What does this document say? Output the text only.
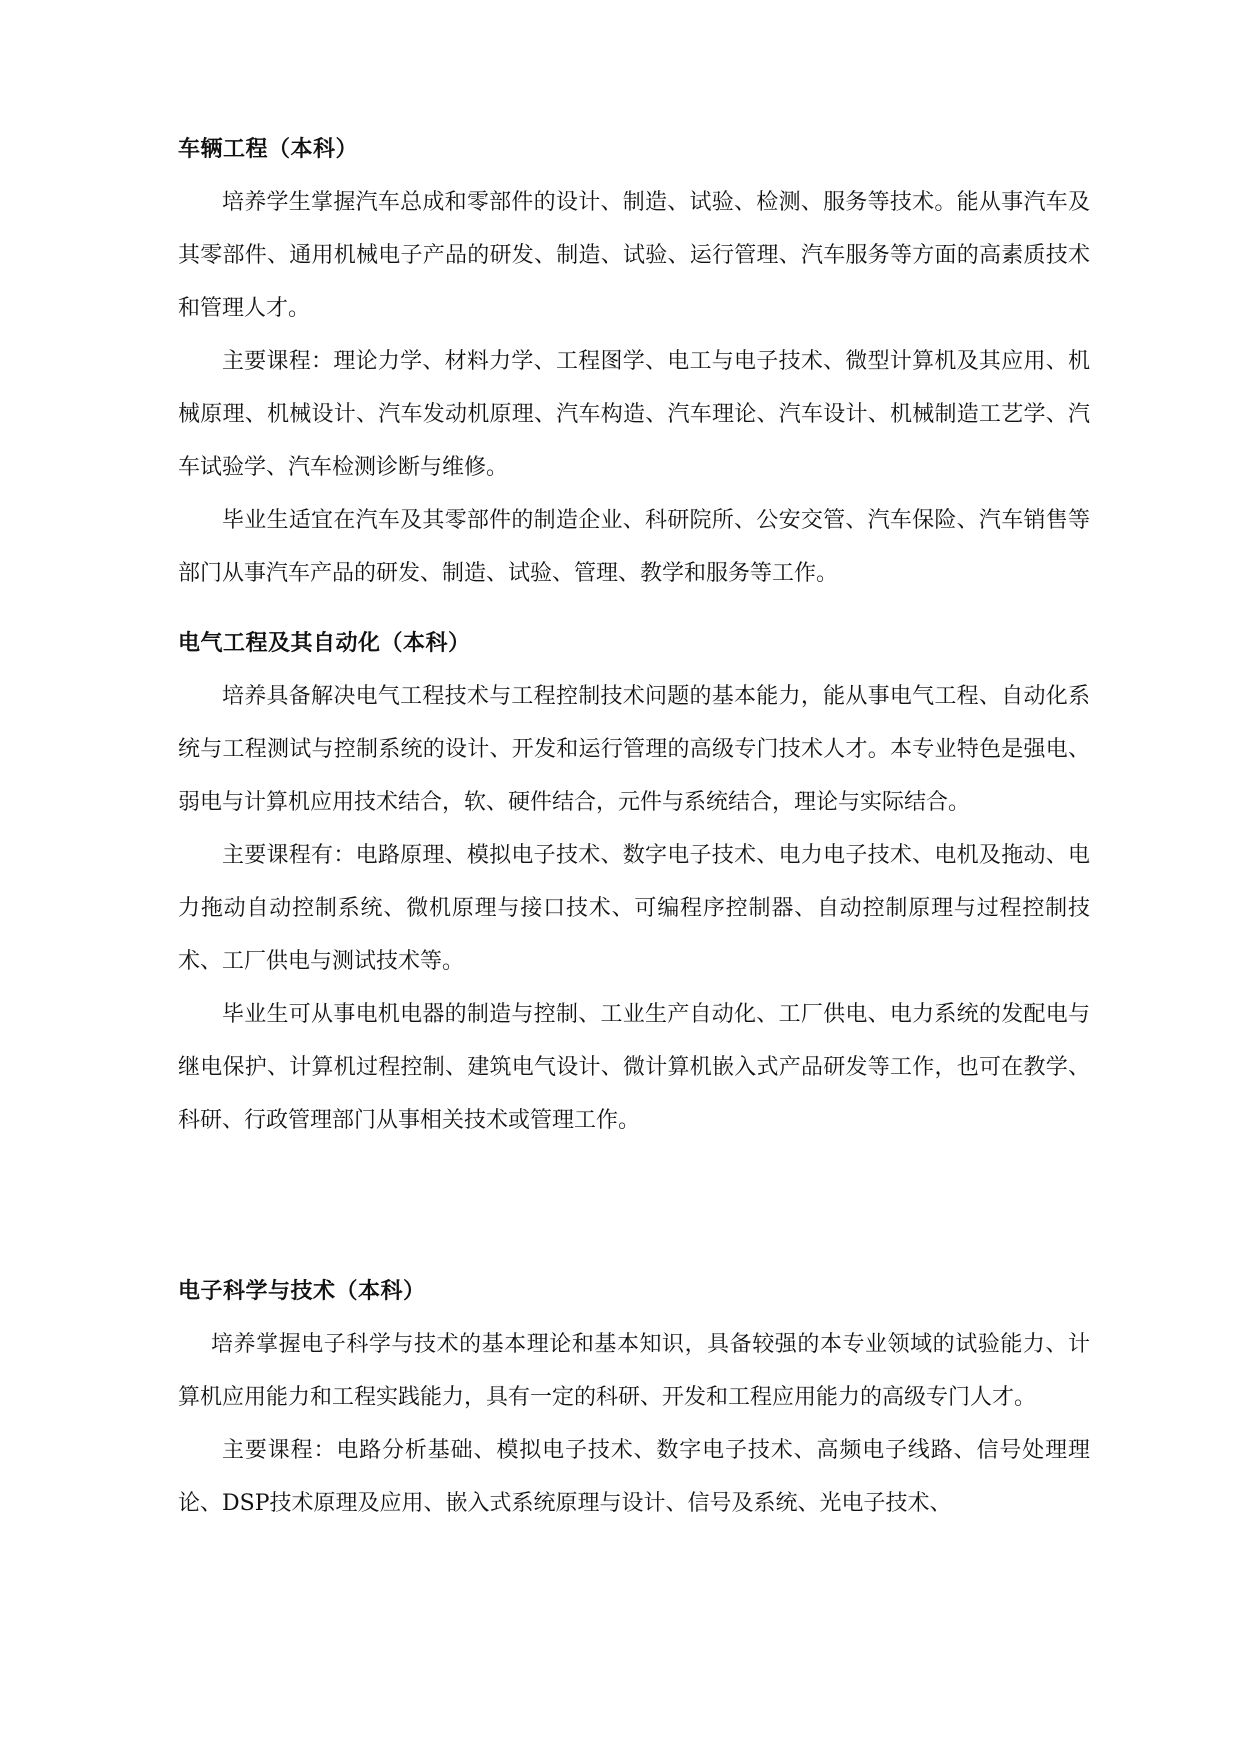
车辆工程（本科）

培养学生掌握汽车总成和零部件的设计、制造、试验、检测、服务等技术。能从事汽车及其零部件、通用机械电子产品的研发、制造、试验、运行管理、汽车服务等方面的高素质技术和管理人才。

主要课程：理论力学、材料力学、工程图学、电工与电子技术、微型计算机及其应用、机械原理、机械设计、汽车发动机原理、汽车构造、汽车理论、汽车设计、机械制造工艺学、汽车试验学、汽车检测诊断与维修。

毕业生适宜在汽车及其零部件的制造企业、科研院所、公安交管、汽车保险、汽车销售等部门从事汽车产品的研发、制造、试验、管理、教学和服务等工作。

电气工程及其自动化（本科）

培养具备解决电气工程技术与工程控制技术问题的基本能力，能从事电气工程、自动化系统与工程测试与控制系统的设计、开发和运行管理的高级专门技术人才。本专业特色是强电、弱电与计算机应用技术结合，软、硬件结合，元件与系统结合，理论与实际结合。

主要课程有：电路原理、模拟电子技术、数字电子技术、电力电子技术、电机及拖动、电力拖动自动控制系统、微机原理与接口技术、可编程序控制器、自动控制原理与过程控制技术、工厂供电与测试技术等。

毕业生可从事电机电器的制造与控制、工业生产自动化、工厂供电、电力系统的发配电与继电保护、计算机过程控制、建筑电气设计、微计算机嵌入式产品研发等工作，也可在教学、科研、行政管理部门从事相关技术或管理工作。

电子科学与技术（本科）

培养掌握电子科学与技术的基本理论和基本知识，具备较强的本专业领域的试验能力、计算机应用能力和工程实践能力，具有一定的科研、开发和工程应用能力的高级专门人才。

主要课程：电路分析基础、模拟电子技术、数字电子技术、高频电子线路、信号处理理论、DSP技术原理及应用、嵌入式系统原理与设计、信号及系统、光电子技术、
